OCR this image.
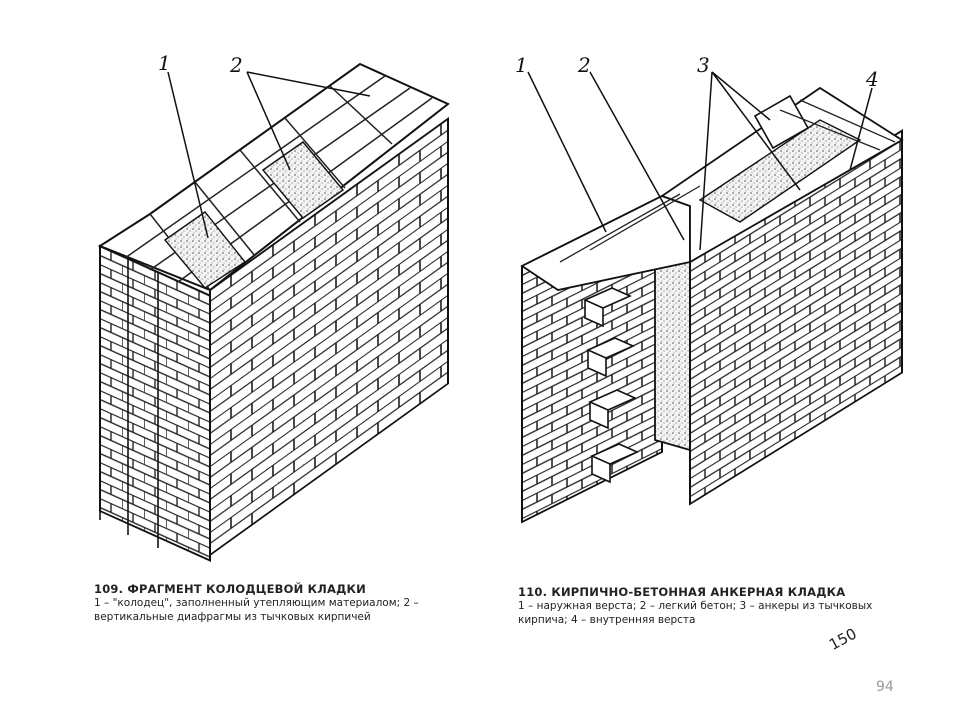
1	2	1	2	3
4
109. ФРАГМЕНТ КОЛОДЦЕВОЙ КЛАДКИ
1 – "колодец", заполненный утепляющим материалом; 2 – вертикальные диафрагмы из тычковых кирпичей
110. КИРПИЧНО-БЕТОННАЯ АНКЕРНАЯ КЛАДКА
1 – наружная верста; 2 – легкий бетон; 3 – анкеры из тычковых кирпича; 4 – внутренняя верста
150
94
